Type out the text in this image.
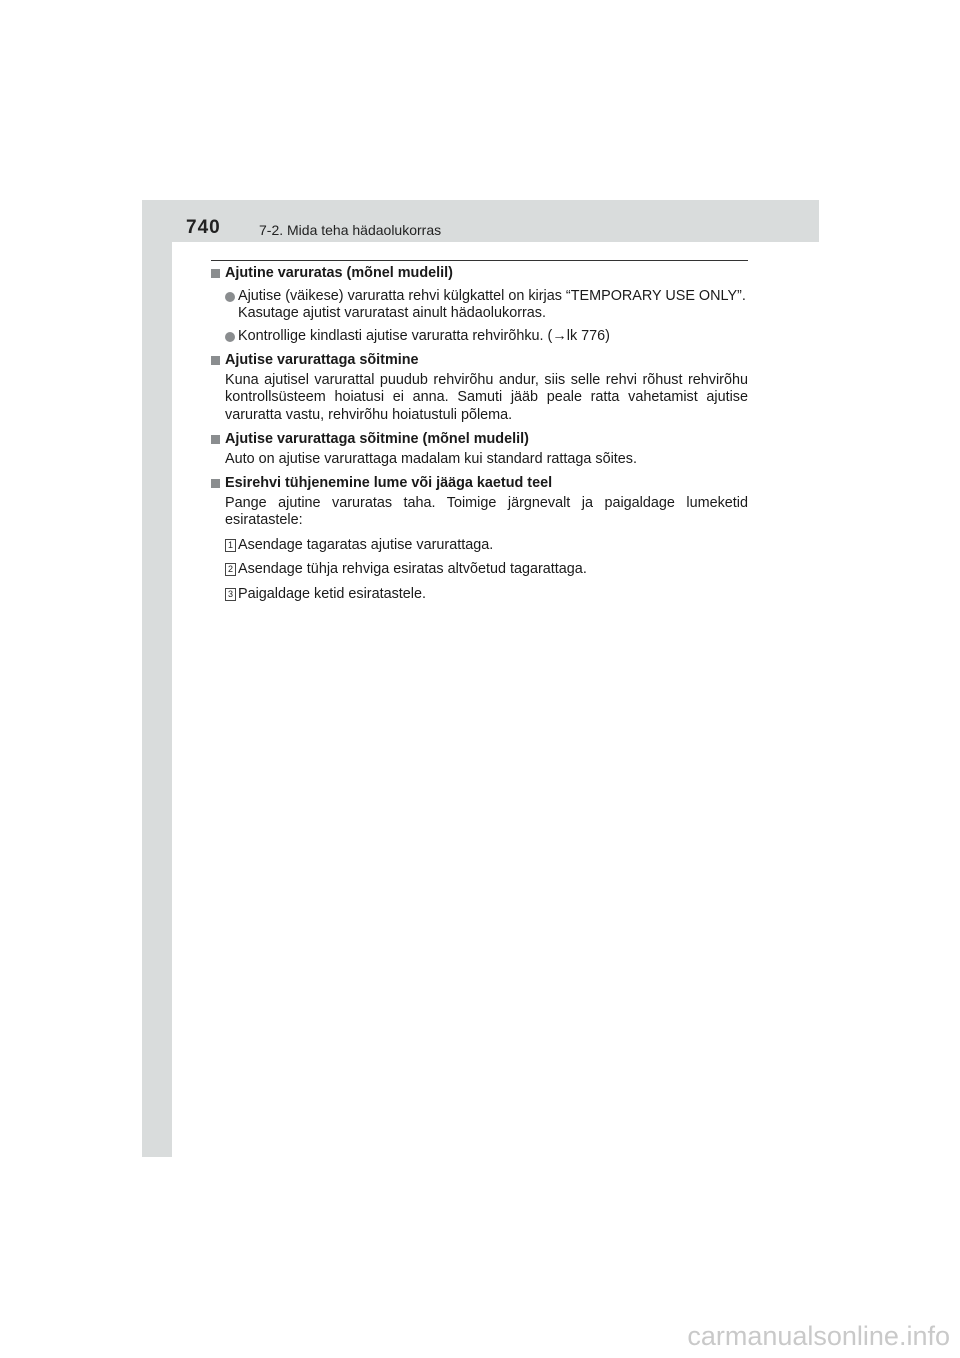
740	7-2. Mida teha hädaolukorras
Ajutine varuratas (mõnel mudelil)

Ajutise (väikese) varuratta rehvi külgkattel on kirjas “TEMPORARY USE ONLY”.

Kasutage ajutist varuratast ainult hädaolukorras.

Kontrollige kindlasti ajutise varuratta rehvirõhku. (→lk 776)

Ajutise varurattaga sõitmine

Kuna ajutisel varurattal puudub rehvirõhu andur, siis selle rehvi rõhust rehvirõhu kontrollsüsteem hoiatusi ei anna. Samuti jääb peale ratta vahetamist ajutise varuratta vastu, rehvirõhu hoiatustuli põlema.

Ajutise varurattaga sõitmine (mõnel mudelil)

Auto on ajutise varurattaga madalam kui standard rattaga sõites.

Esirehvi tühjenemine lume või jääga kaetud teel

Pange ajutine varuratas taha. Toimige järgnevalt ja paigaldage lumeketid esiratastele:

1 Asendage tagaratas ajutise varurattaga.
2 Asendage tühja rehviga esiratas altvõetud tagarattaga.
3 Paigaldage ketid esiratastele.
carmanualsonline.info
